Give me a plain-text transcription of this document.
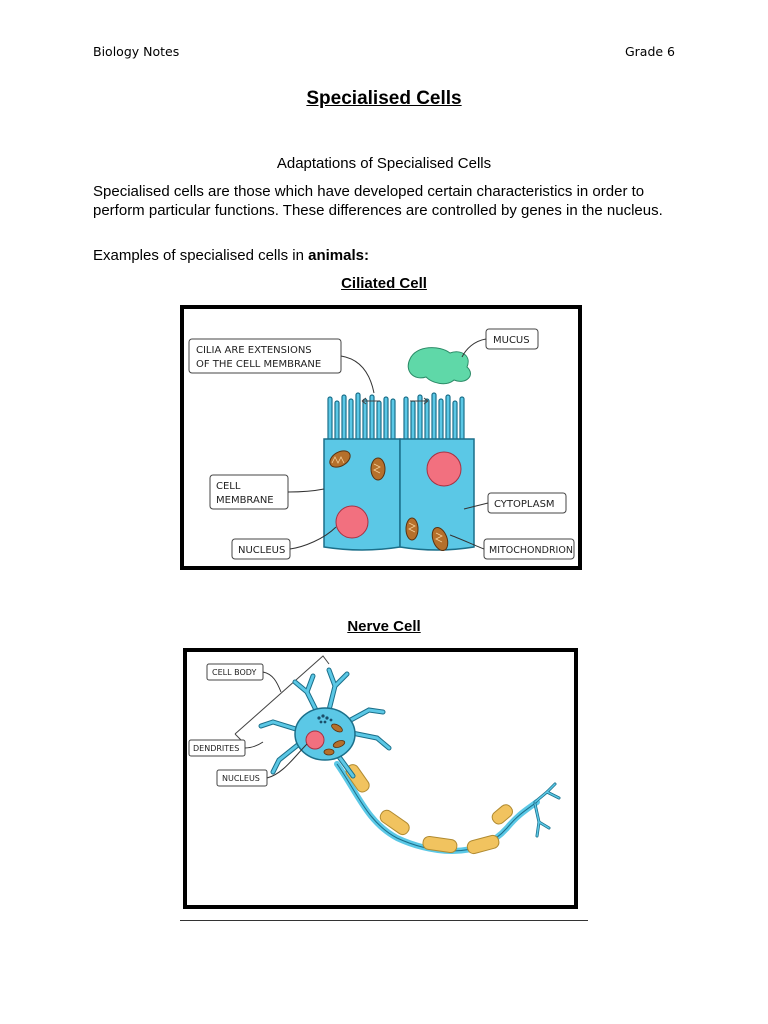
Biology Notes	Grade 6
Specialised Cells
Adaptations of Specialised Cells
Specialised cells are those which have developed certain characteristics in order to perform particular functions. These differences are controlled by genes in the nucleus.
Examples of specialised cells in animals:
Ciliated Cell
CILIA ARE EXTENSIONS
OF THE CELL MEMBRANE
MUCUS
CELL
MEMBRANE	CYTOPLASM
NUCLEUS	MITOCHONDRION
Nerve Cell
CELL BODY
DENDRITES
NUCLEUS
